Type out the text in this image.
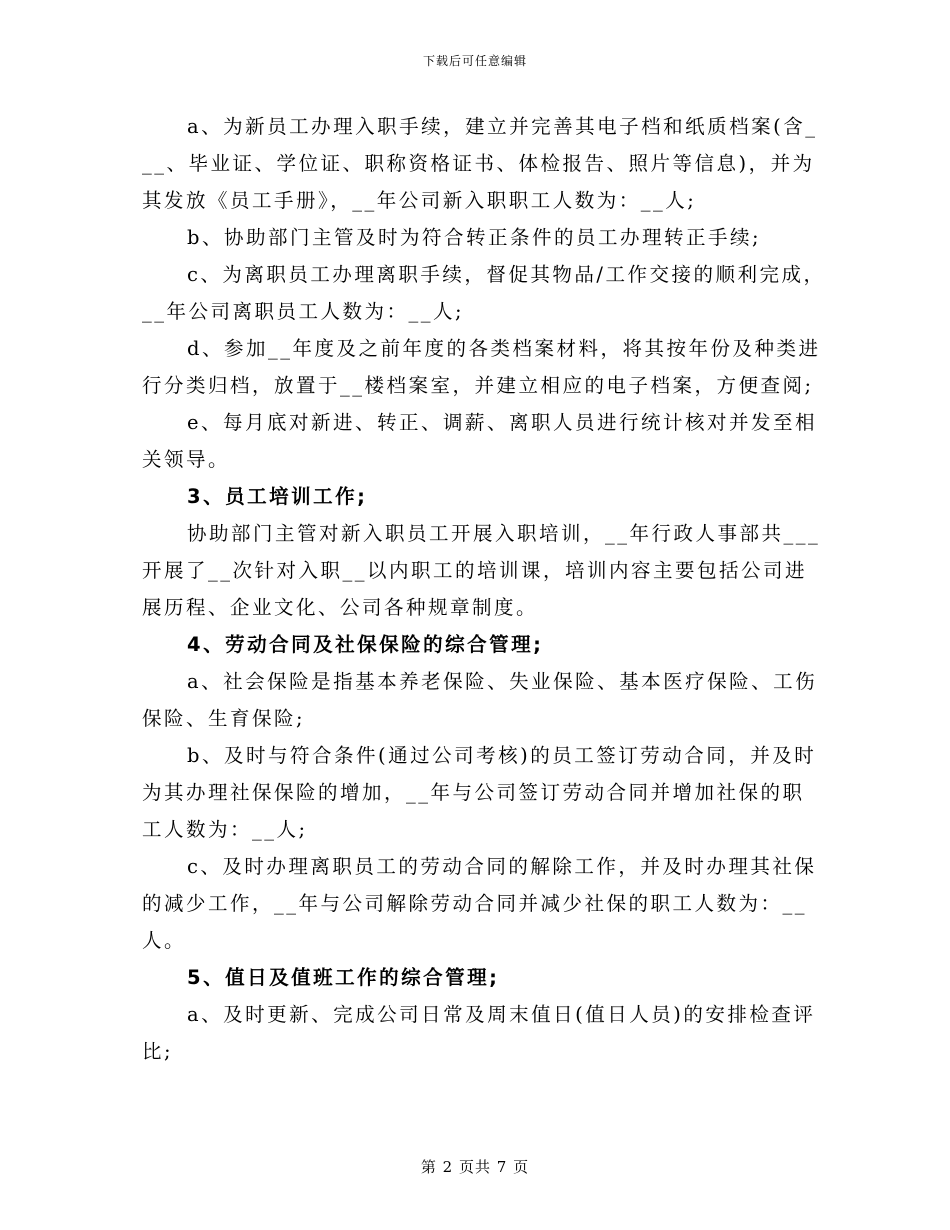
下载后可任意编辑
a、为新员工办理入职手续，建立并完善其电子档和纸质档案(含_
__、毕业证、学位证、职称资格证书、体检报告、照片等信息)，并为
其发放《员工手册》，__年公司新入职职工人数为：__人;
b、协助部门主管及时为符合转正条件的员工办理转正手续;
c、为离职员工办理离职手续，督促其物品/工作交接的顺利完成，
__年公司离职员工人数为：__人;
d、参加__年度及之前年度的各类档案材料，将其按年份及种类进
行分类归档，放置于__楼档案室，并建立相应的电子档案，方便查阅;
e、每月底对新进、转正、调薪、离职人员进行统计核对并发至相
关领导。
3、员工培训工作;
协助部门主管对新入职员工开展入职培训，__年行政人事部共___
开展了__次针对入职__以内职工的培训课，培训内容主要包括公司进
展历程、企业文化、公司各种规章制度。
4、劳动合同及社保保险的综合管理;
a、社会保险是指基本养老保险、失业保险、基本医疗保险、工伤
保险、生育保险;
b、及时与符合条件(通过公司考核)的员工签订劳动合同，并及时
为其办理社保保险的增加，__年与公司签订劳动合同并增加社保的职
工人数为：__人;
c、及时办理离职员工的劳动合同的解除工作，并及时办理其社保
的减少工作，__年与公司解除劳动合同并减少社保的职工人数为：__
人。
5、值日及值班工作的综合管理;
a、及时更新、完成公司日常及周末值日(值日人员)的安排检查评
比;
第 2 页共 7 页
